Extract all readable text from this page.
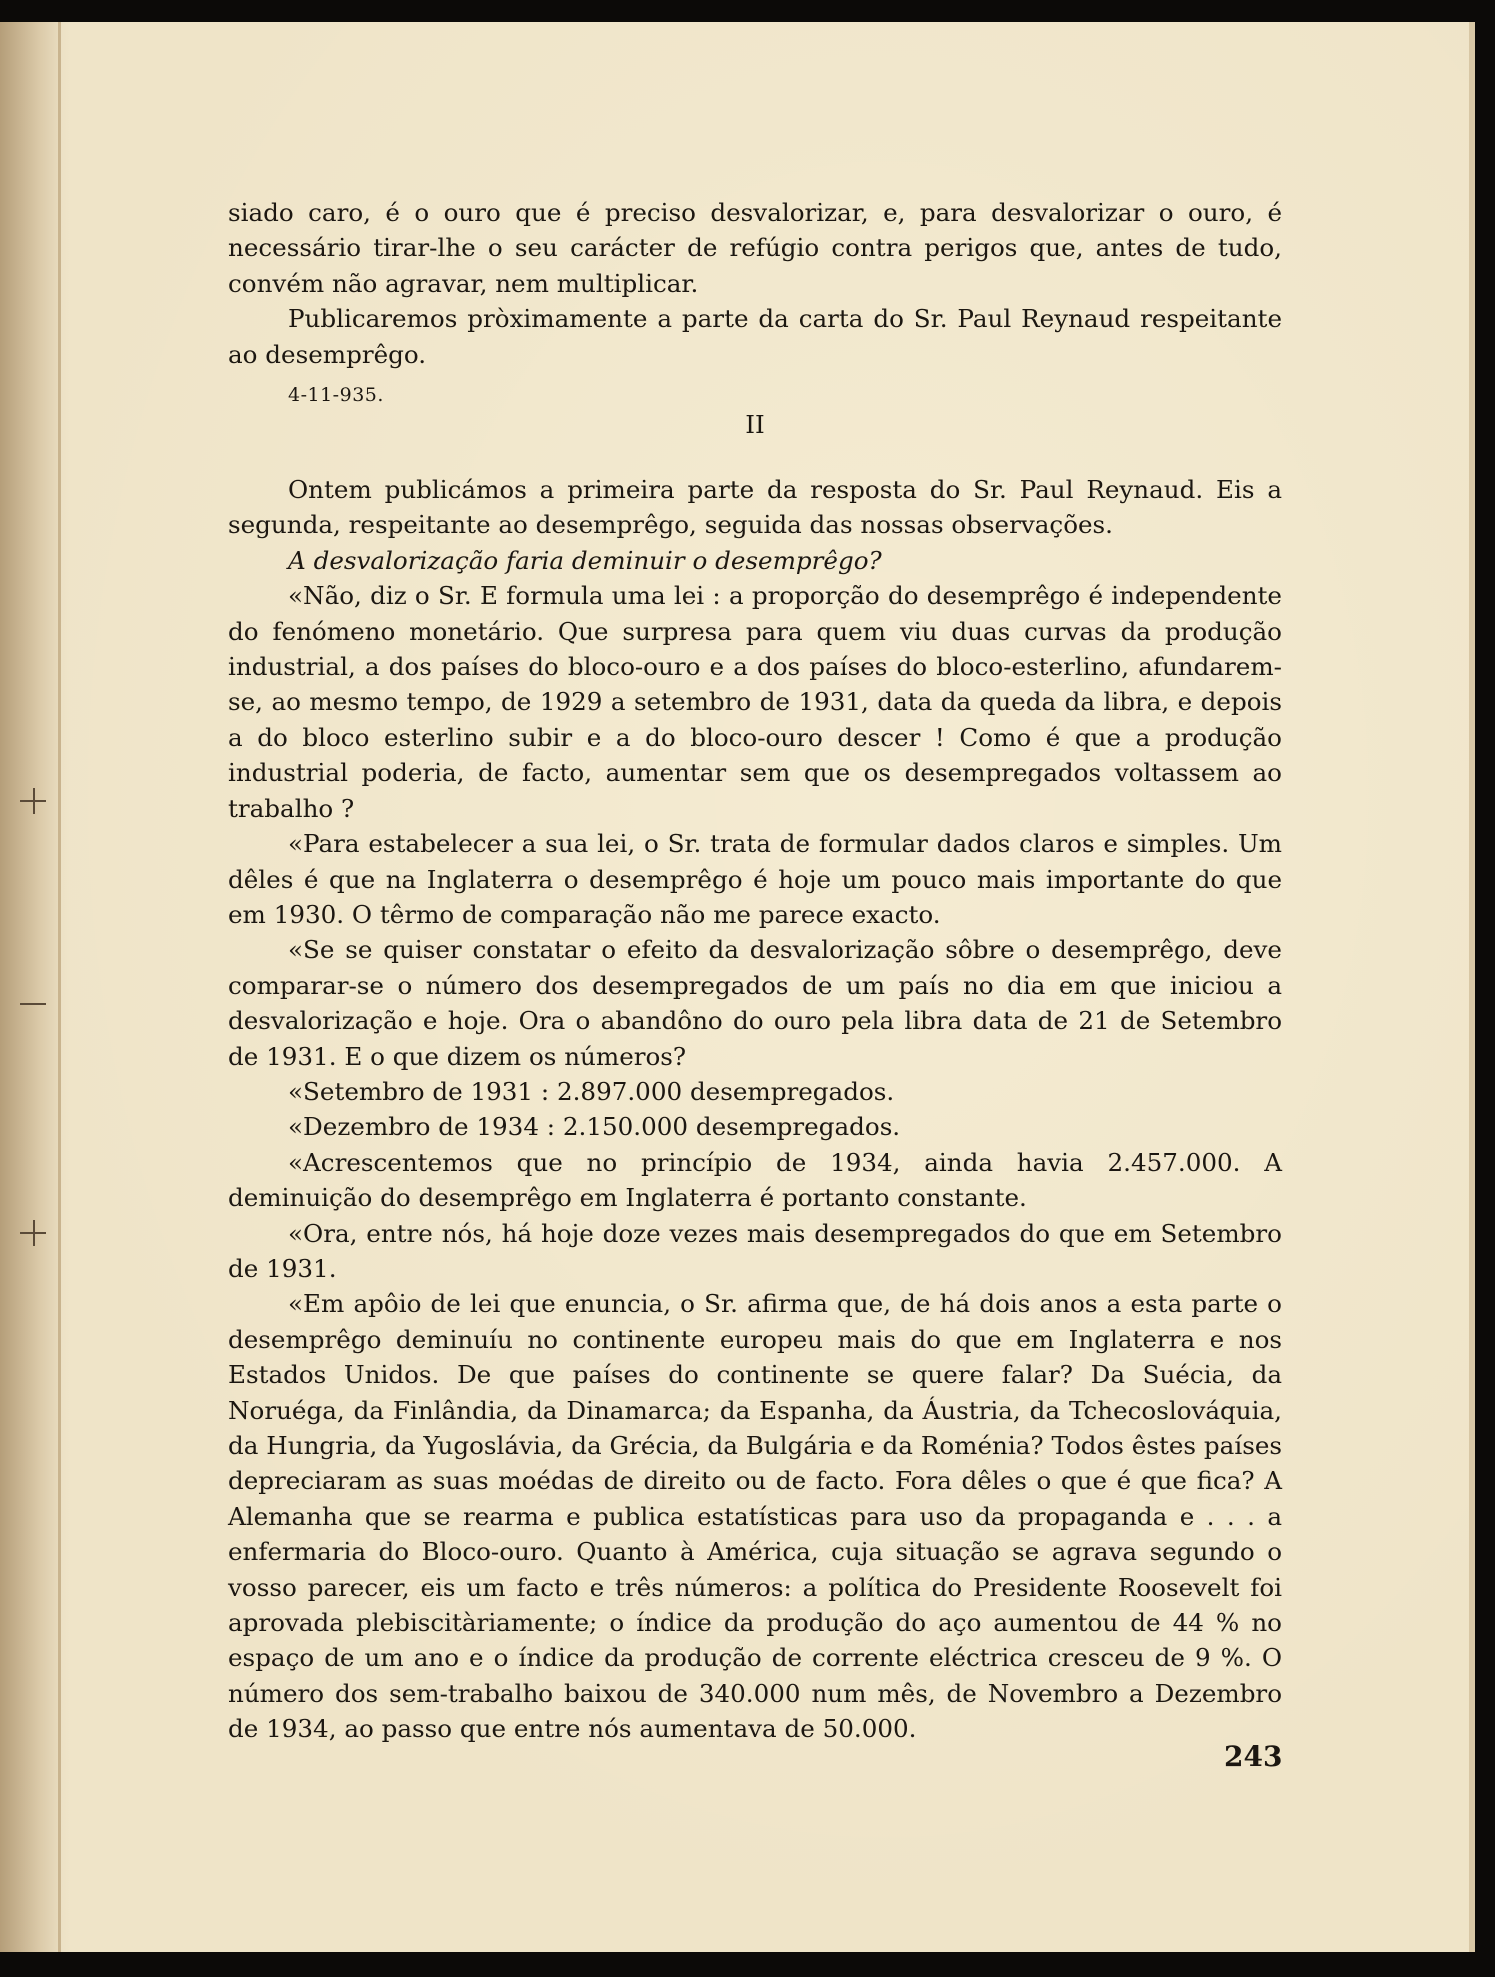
siado caro, é o ouro que é preciso desvalorizar, e, para desvalorizar o ouro, é necessário tirar-lhe o seu carácter de refúgio contra perigos que, antes de tudo, convém não agravar, nem multiplicar.

Publicaremos pròximamente a parte da carta do Sr. Paul Reynaud respeitante ao desemprêgo.

4-11-935.
II

Ontem publicámos a primeira parte da resposta do Sr. Paul Reynaud. Eis a segunda, respeitante ao desemprêgo, seguida das nossas observações.

A desvalorização faria deminuir o desemprêgo?

«Não, diz o Sr. E formula uma lei : a proporção do desemprêgo é independente do fenómeno monetário. Que surpresa para quem viu duas curvas da produção industrial, a dos países do bloco-ouro e a dos países do bloco-esterlino, afundarem-se, ao mesmo tempo, de 1929 a setembro de 1931, data da queda da libra, e depois a do bloco esterlino subir e a do bloco-ouro descer ! Como é que a produção industrial poderia, de facto, aumentar sem que os desempregados voltassem ao trabalho ?

«Para estabelecer a sua lei, o Sr. trata de formular dados claros e simples. Um dêles é que na Inglaterra o desemprêgo é hoje um pouco mais importante do que em 1930. O têrmo de comparação não me parece exacto.

«Se se quiser constatar o efeito da desvalorização sôbre o desemprêgo, deve comparar-se o número dos desempregados de um país no dia em que iniciou a desvalorização e hoje. Ora o abandôno do ouro pela libra data de 21 de Setembro de 1931. E o que dizem os números?

«Setembro de 1931 : 2.897.000 desempregados.

«Dezembro de 1934 : 2.150.000 desempregados.

«Acrescentemos que no princípio de 1934, ainda havia 2.457.000. A deminuição do desemprêgo em Inglaterra é portanto constante.

«Ora, entre nós, há hoje doze vezes mais desempregados do que em Setembro de 1931.

«Em apôio de lei que enuncia, o Sr. afirma que, de há dois anos a esta parte o desemprêgo deminuíu no continente europeu mais do que em Inglaterra e nos Estados Unidos. De que países do continente se quere falar? Da Suécia, da Noruéga, da Finlândia, da Dinamarca; da Espanha, da Áustria, da Tchecoslováquia, da Hungria, da Yugoslávia, da Grécia, da Bulgária e da Roménia? Todos êstes países depreciaram as suas moédas de direito ou de facto. Fora dêles o que é que fica? A Alemanha que se rearma e publica estatísticas para uso da propaganda e . . . a enfermaria do Bloco-ouro. Quanto à América, cuja situação se agrava segundo o vosso parecer, eis um facto e três números: a política do Presidente Roosevelt foi aprovada plebiscitàriamente; o índice da produção do aço aumentou de 44 % no espaço de um ano e o índice da produção de corrente eléctrica cresceu de 9 %. O número dos sem-trabalho baixou de 340.000 num mês, de Novembro a Dezembro de 1934, ao passo que entre nós aumentava de 50.000.

243
